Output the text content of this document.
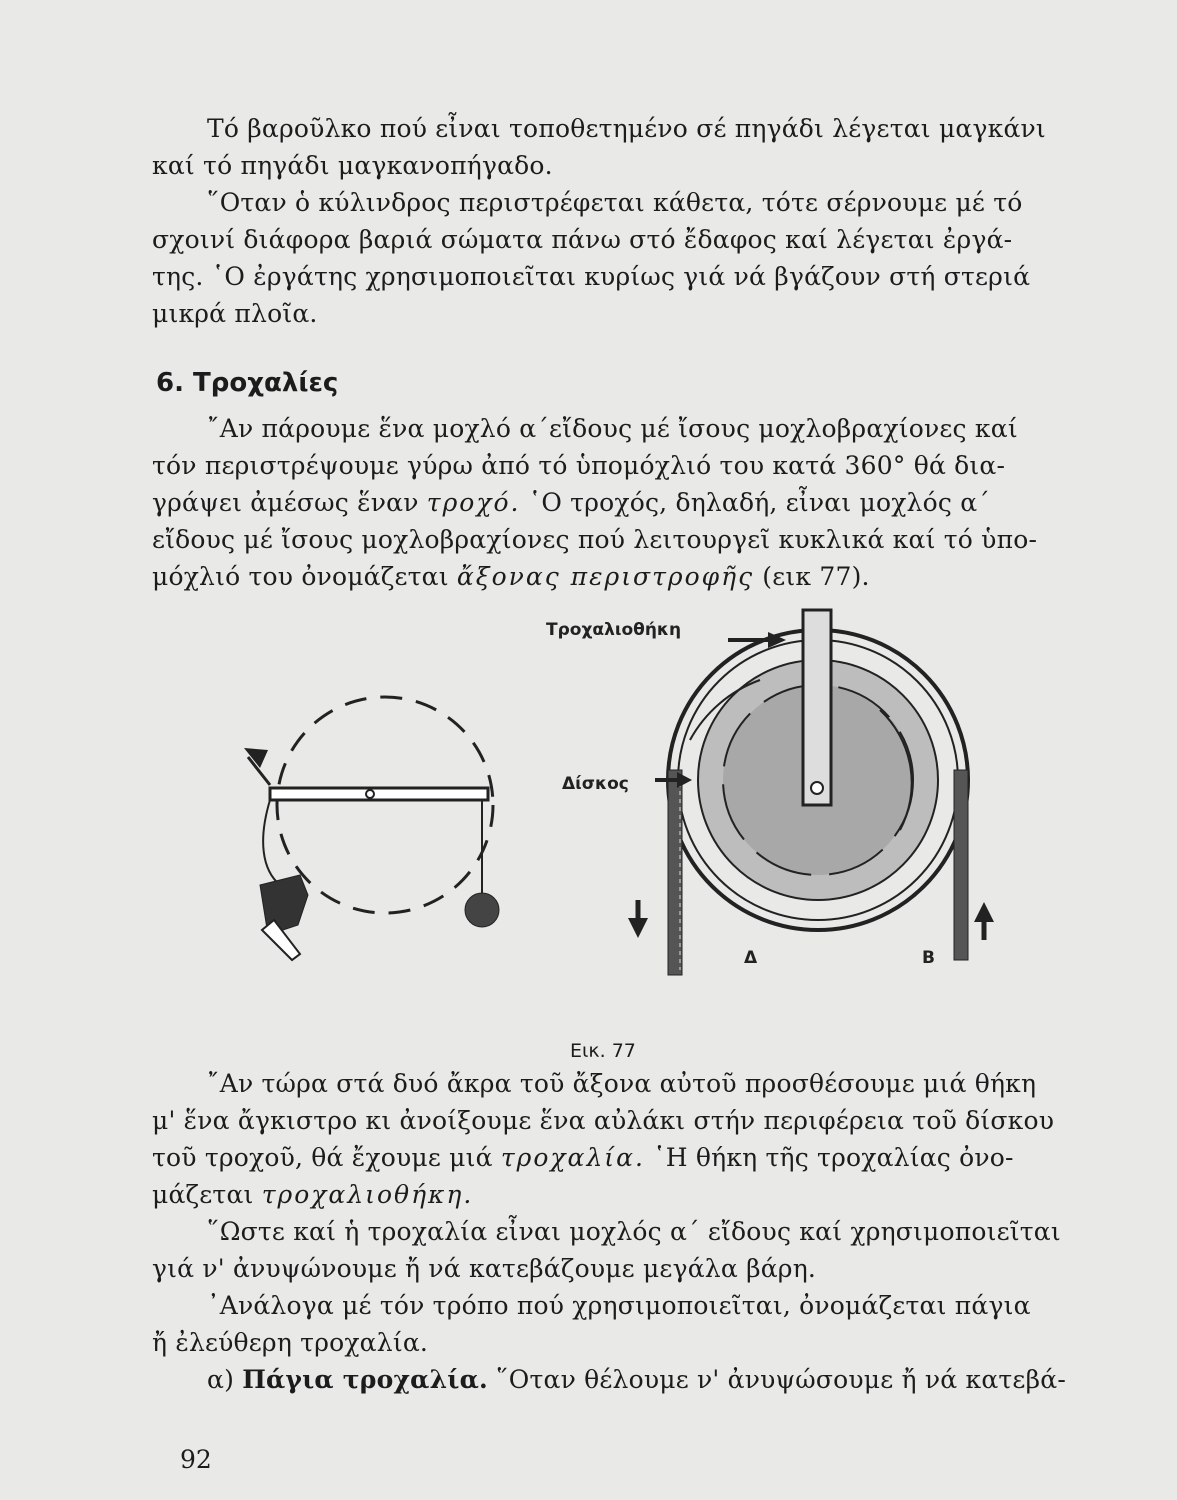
Τό βαροῦλκο πού εἶναι τοποθετημένο σέ πηγάδι λέγεται μαγκάνι

καί τό πηγάδι μαγκανοπήγαδο.

῞Οταν ὁ κύλινδρος περιστρέφεται κάθετα, τότε σέρνουμε μέ τό

σχοινί διάφορα βαριά σώματα πάνω στό ἔδαφος καί λέγεται ἐργά-

της. ῾Ο ἐργάτης χρησιμοποιεῖται κυρίως γιά νά βγάζουν στή στεριά

μικρά πλοῖα.

6. Τροχαλίες

῎Αν πάρουμε ἕνα μοχλό α΄εἴδους μέ ἴσους μοχλοβραχίονες καί

τόν περιστρέψουμε γύρω ἀπό τό ὑπομόχλιό του κατά 360° θά δια-

γράψει ἀμέσως ἕναν τροχό. ῾Ο τροχός, δηλαδή, εἶναι μοχλός α΄

εἴδους μέ ἴσους μοχλοβραχίονες πού λειτουργεῖ κυκλικά καί τό ὑπο-

μόχλιό του ὀνομάζεται ἄξονας περιστροφῆς (εικ 77).

Τροχαλιοθήκη
Δίσκος
Δ	Β

Εικ. 77

῎Αν τώρα στά δυό ἄκρα τοῦ ἄξονα αὐτοῦ προσθέσουμε μιά θήκη

μ' ἕνα ἄγκιστρο κι ἀνοίξουμε ἕνα αὐλάκι στήν περιφέρεια τοῦ δίσκου

τοῦ τροχοῦ, θά ἔχουμε μιά τροχαλία. ῾Η θήκη τῆς τροχαλίας ὀνο-

μάζεται τροχαλιοθήκη.

῞Ωστε καί ἡ τροχαλία εἶναι μοχλός α΄ εἴδους καί χρησιμοποιεῖται

γιά ν' ἀνυψώνουμε ἤ νά κατεβάζουμε μεγάλα βάρη.

᾿Ανάλογα μέ τόν τρόπο πού χρησιμοποιεῖται, ὀνομάζεται πάγια

ἤ ἐλεύθερη τροχαλία.

α) Πάγια τροχαλία. ῞Οταν θέλουμε ν' ἀνυψώσουμε ἤ νά κατεβά-

92
